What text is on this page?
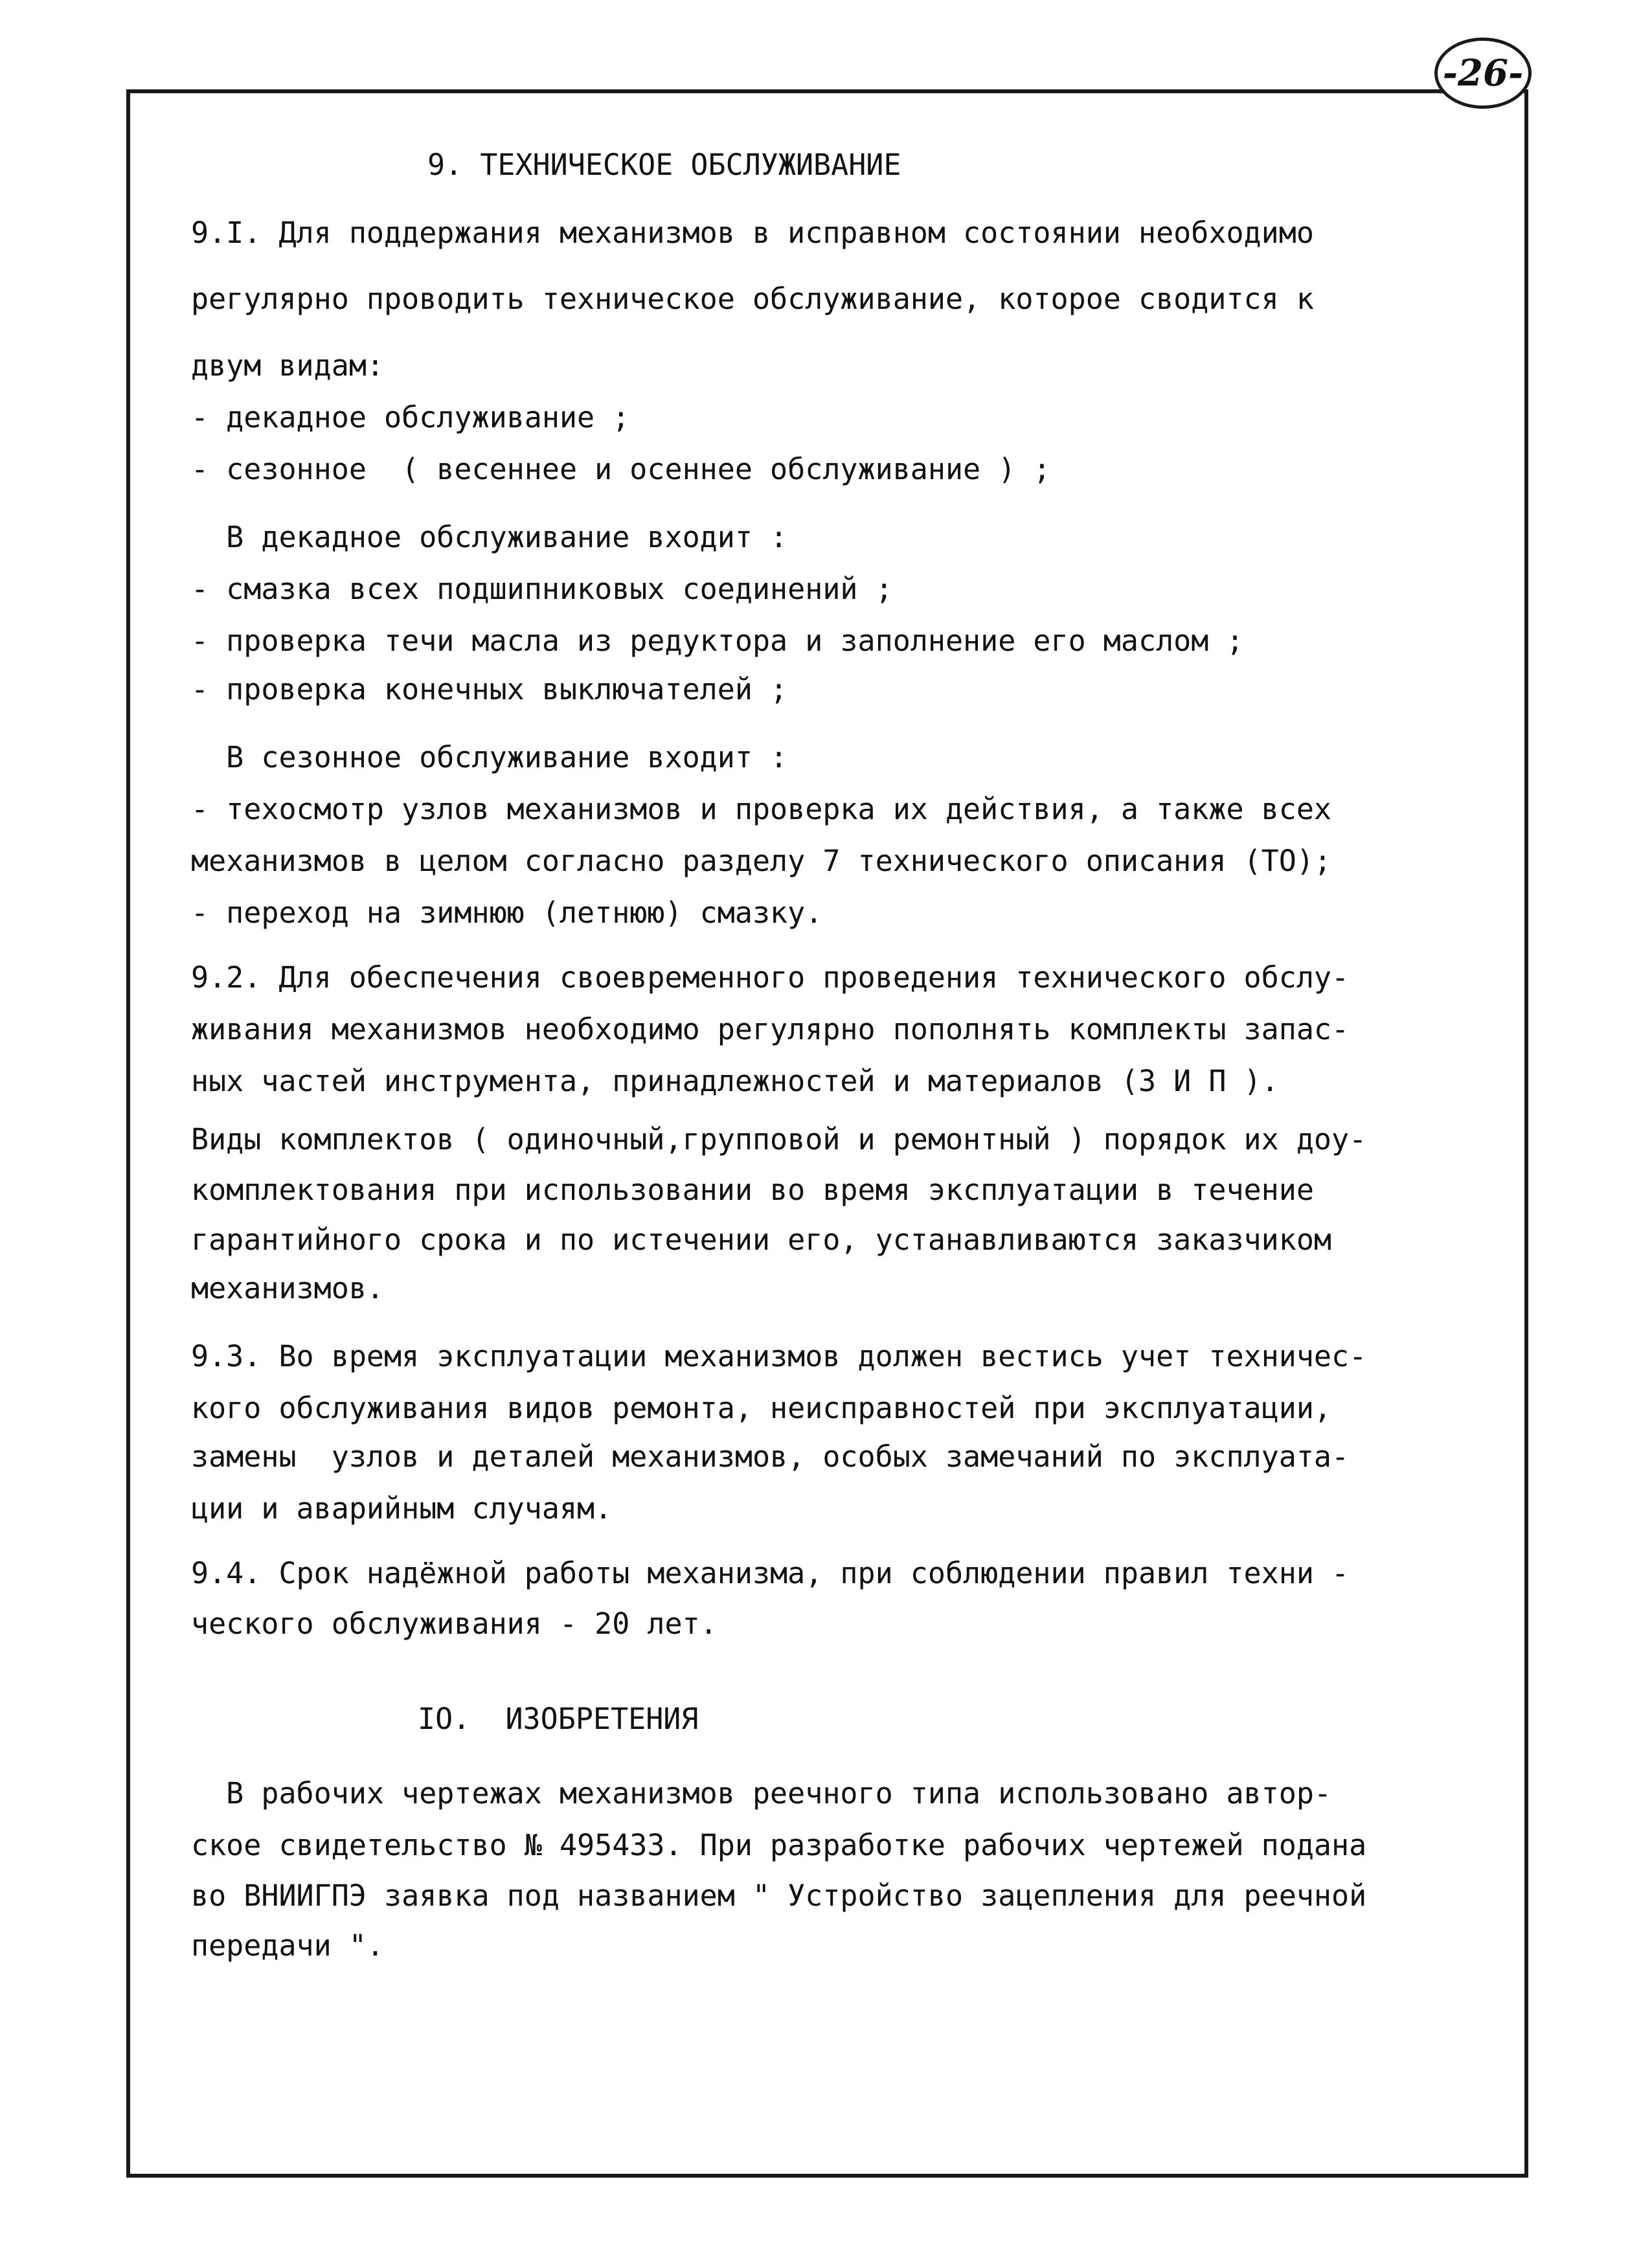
-26-

9. ТЕХНИЧЕСКОЕ ОБСЛУЖИВАНИЕ

9.I. Для поддержания механизмов в исправном состоянии необходимо

регулярно проводить техническое обслуживание, которое сводится к

двум видам:

- декадное обслуживание ;

- сезонное  ( весеннее и осеннее обслуживание ) ;

В декадное обслуживание входит :

- смазка всех подшипниковых соединений ;

- проверка течи масла из редуктора и заполнение его маслом ;

- проверка конечных выключателей ;

В сезонное обслуживание входит :

- техосмотр узлов механизмов и проверка их действия, а также всех

механизмов в целом согласно разделу 7 технического описания (ТО);

- переход на зимнюю (летнюю) смазку.

9.2. Для обеспечения своевременного проведения технического обслу-

живания механизмов необходимо регулярно пополнять комплекты запас-

ных частей инструмента, принадлежностей и материалов (З И П ).

Виды комплектов ( одиночный,групповой и ремонтный ) порядок их доу-

комплектования при использовании во время эксплуатации в течение

гарантийного срока и по истечении его, устанавливаются заказчиком

механизмов.

9.3. Во время эксплуатации механизмов должен вестись учет техничес-

кого обслуживания видов ремонта, неисправностей при эксплуатации,

замены  узлов и деталей механизмов, особых замечаний по эксплуата-

ции и аварийным случаям.

9.4. Срок надёжной работы механизма, при соблюдении правил техни -

ческого обслуживания - 20 лет.

IO.  ИЗОБРЕТЕНИЯ

В рабочих чертежах механизмов реечного типа использовано автор-

ское свидетельство № 495433. При разработке рабочих чертежей подана

во ВНИИГПЭ заявка под названием " Устройство зацепления для реечной

передачи ".
